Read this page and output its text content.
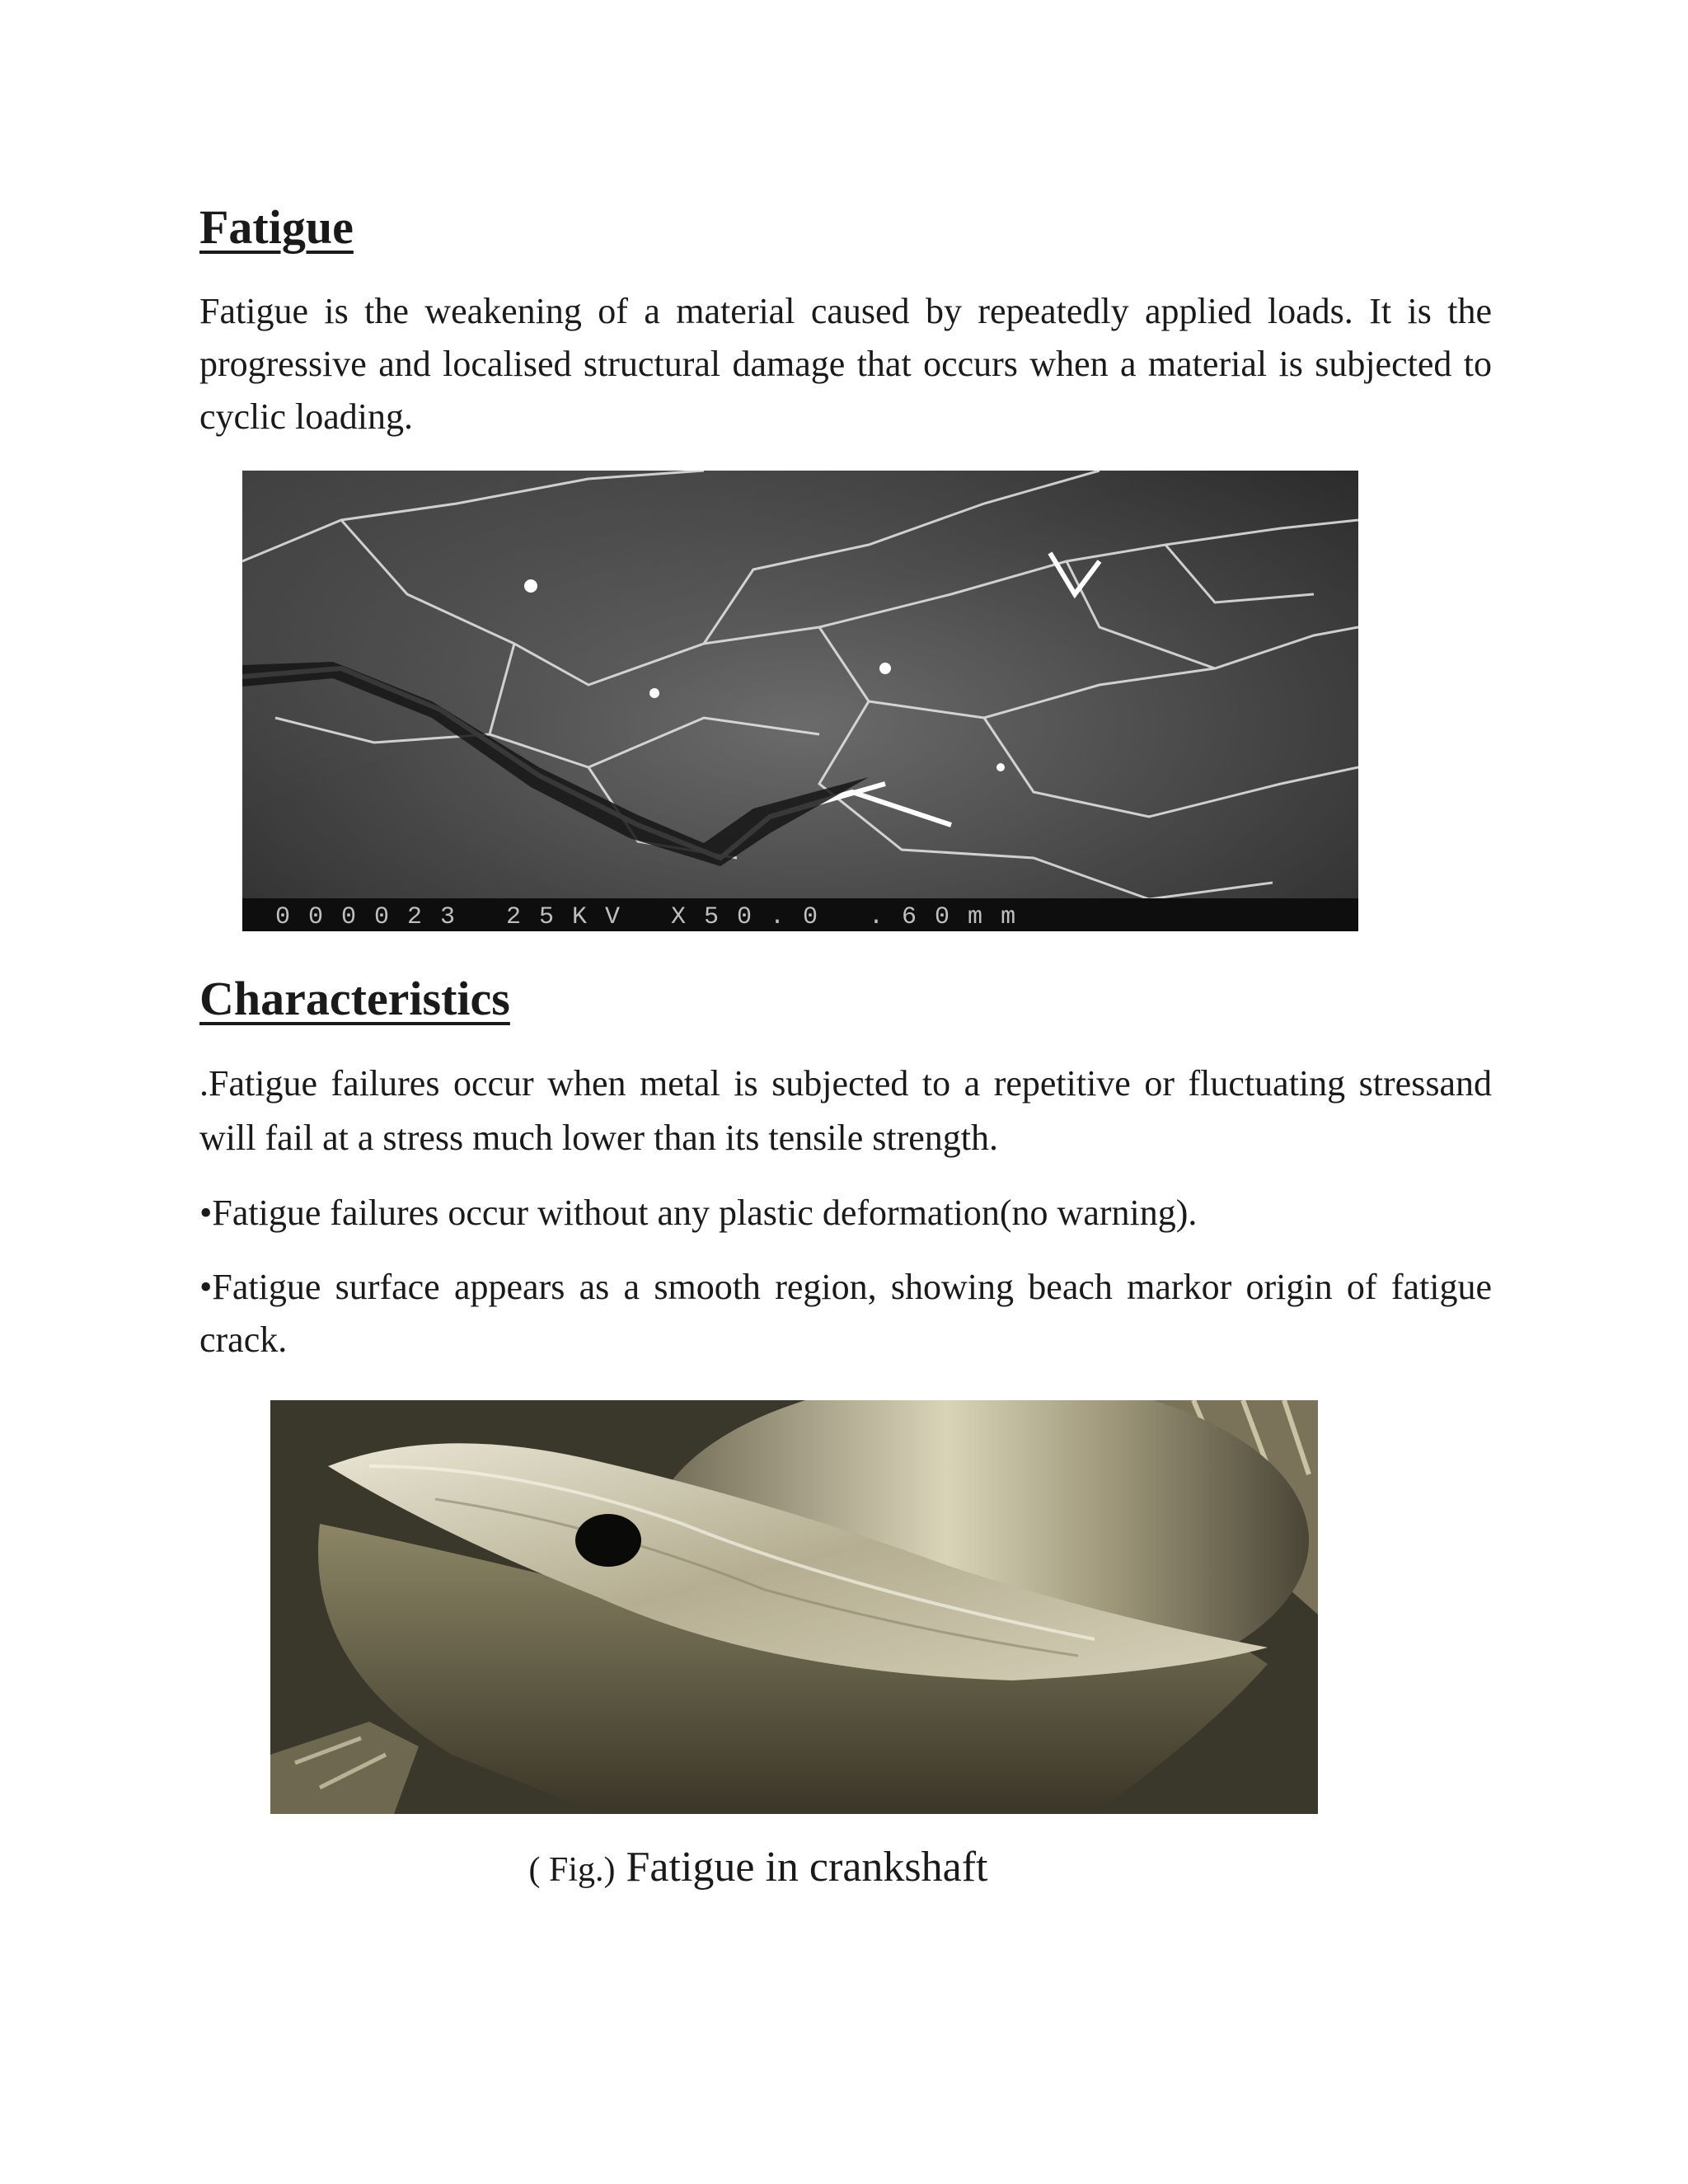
Fatigue

Fatigue is the weakening of a material caused by repeatedly applied loads. It is the progressive and localised structural damage that occurs when a material is subjected to cyclic loading.

000023 25KV X50.0 .60mm
Characteristics

.Fatigue failures occur when metal is subjected to a repetitive or fluctuating stressand will fail at a stress much lower than its tensile strength.

•Fatigue failures occur without any plastic deformation(no warning).

•Fatigue surface appears as a smooth region, showing beach markor origin of fatigue crack.

( Fig.) Fatigue in crankshaft
